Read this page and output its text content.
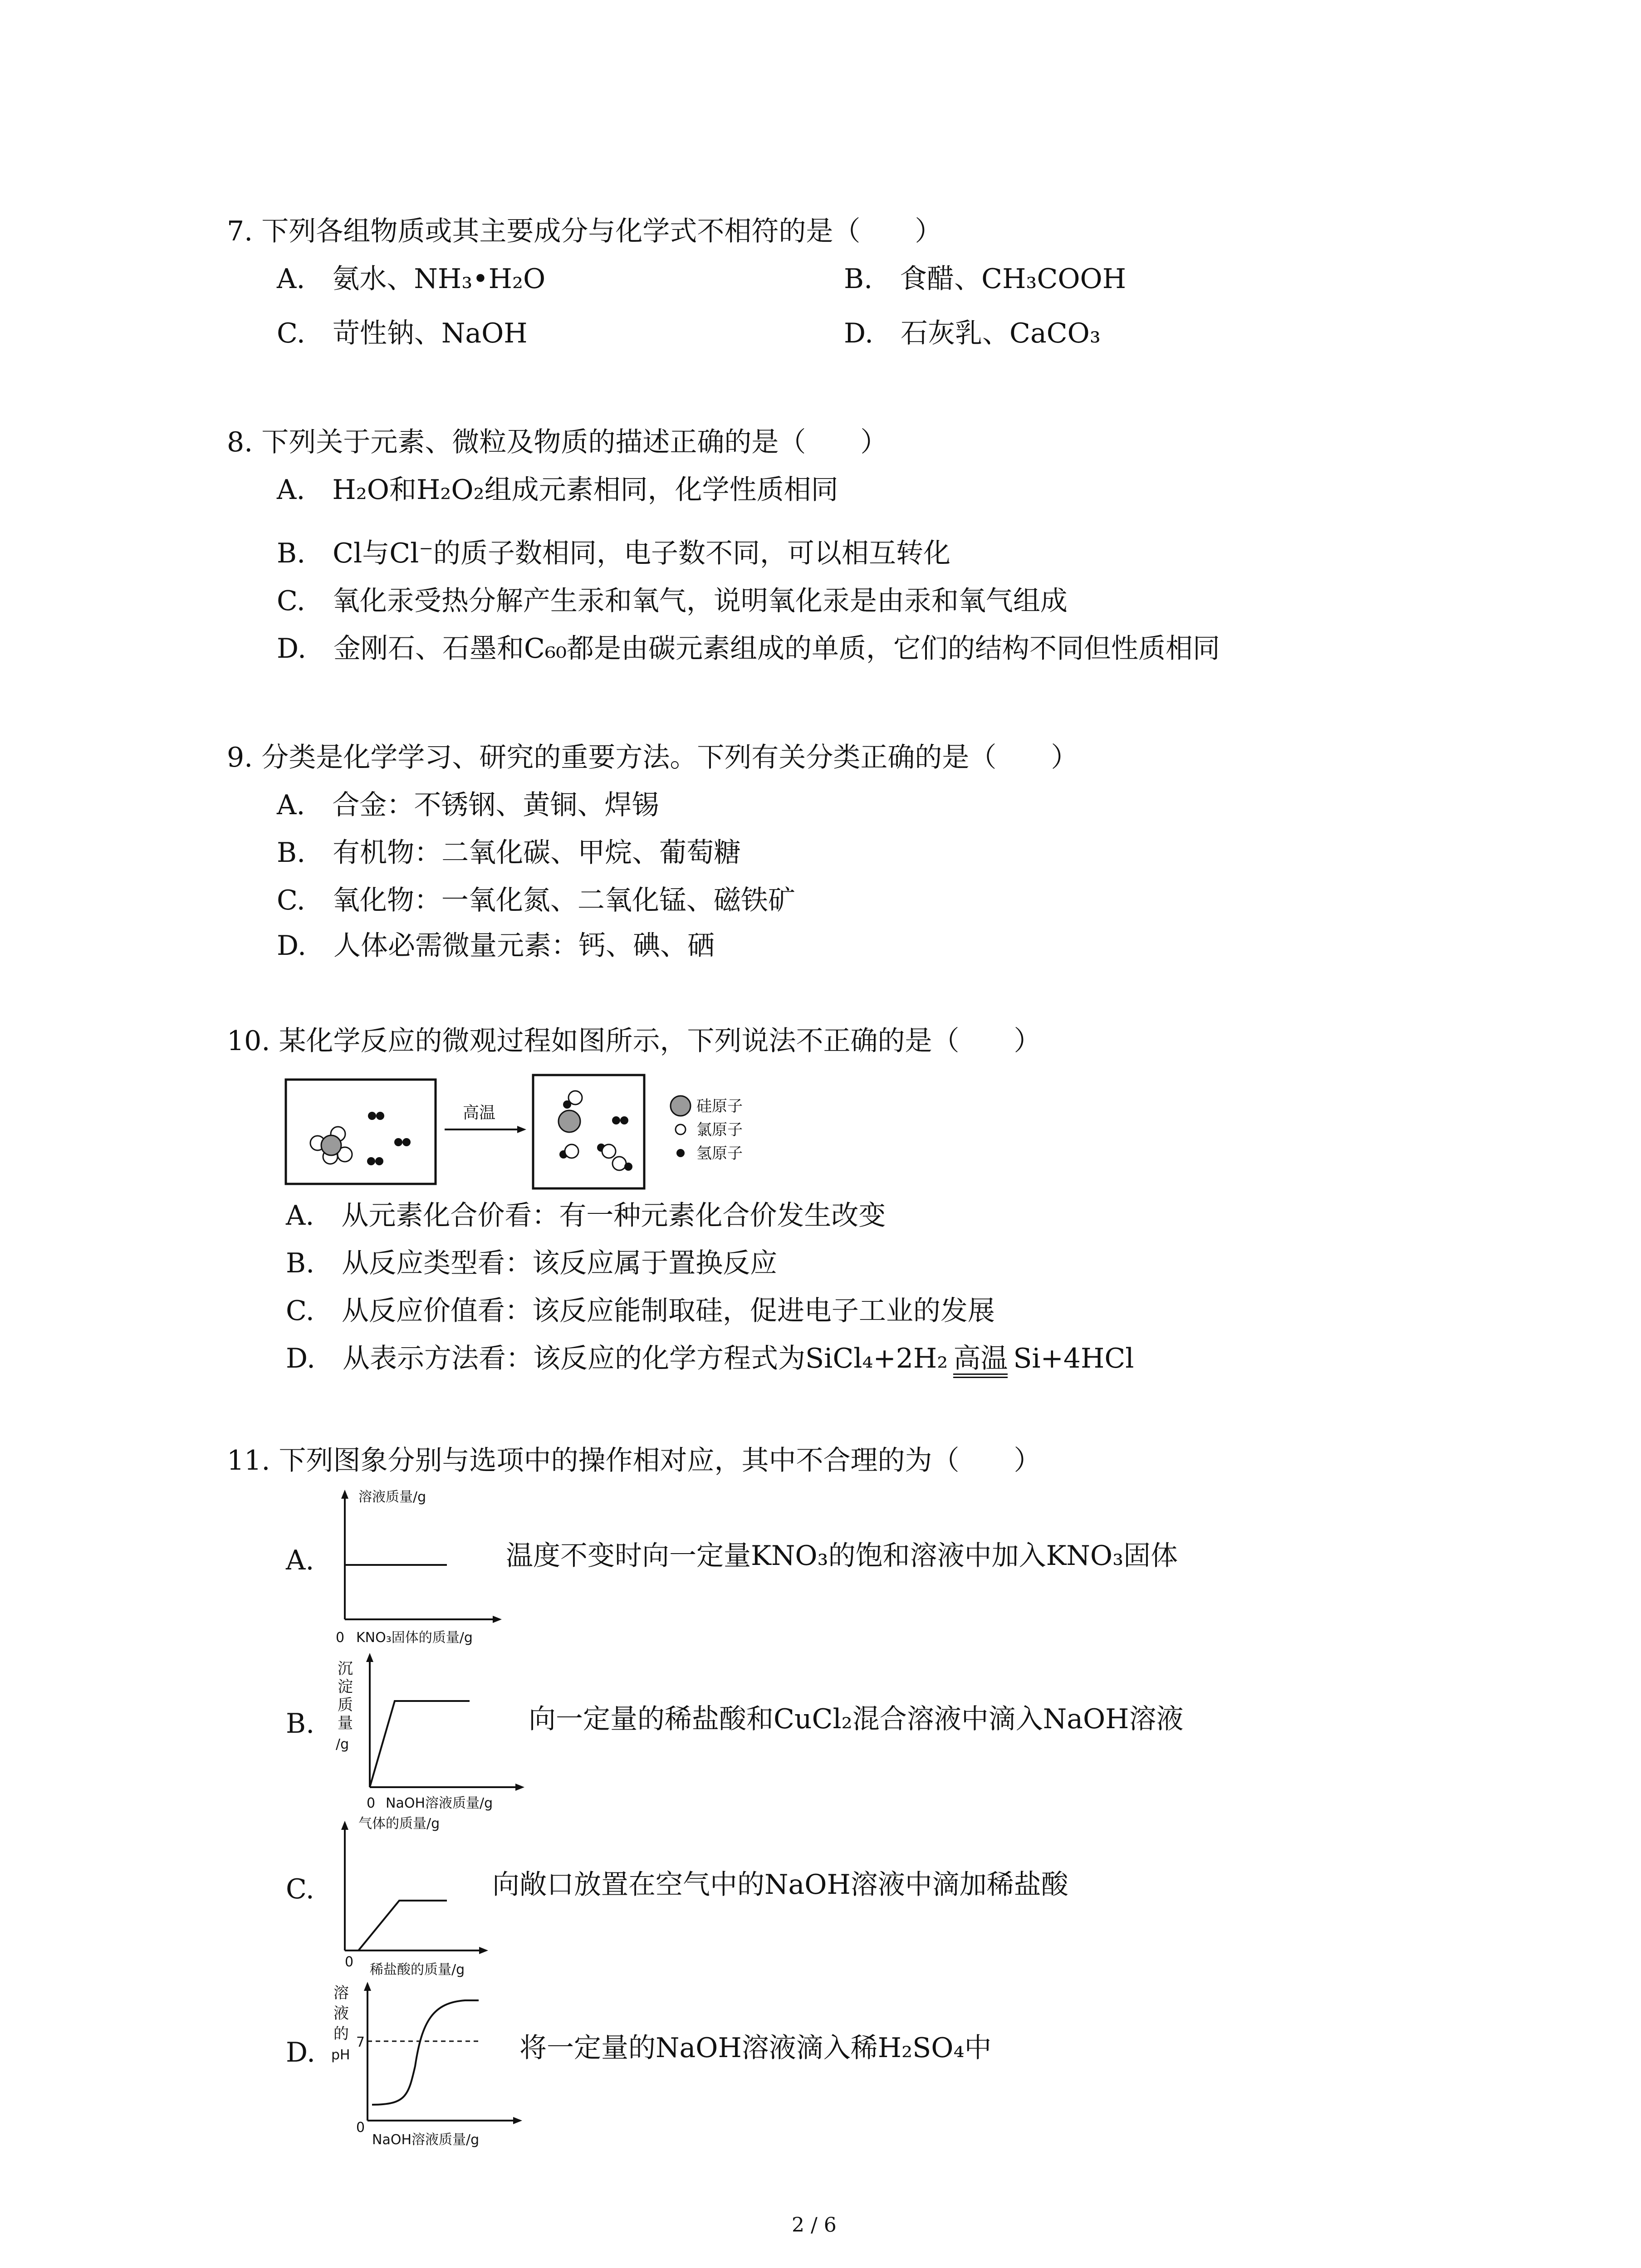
7. 下列各组物质或其主要成分与化学式不相符的是（　　）
A.　氨水、NH₃•H₂O	B.　食醋、CH₃COOH
C.　苛性钠、NaOH	D.　石灰乳、CaCO₃
8. 下列关于元素、微粒及物质的描述正确的是（　　）
A.　H₂O和H₂O₂组成元素相同，化学性质相同
B.　Cl与Cl⁻的质子数相同，电子数不同，可以相互转化
C.　氧化汞受热分解产生汞和氧气，说明氧化汞是由汞和氧气组成
D.　金刚石、石墨和C₆₀都是由碳元素组成的单质，它们的结构不同但性质相同
9. 分类是化学学习、研究的重要方法。下列有关分类正确的是（　　）
A.　合金：不锈钢、黄铜、焊锡
B.　有机物：二氧化碳、甲烷、葡萄糖
C.　氧化物：一氧化氮、二氧化锰、磁铁矿
D.　人体必需微量元素：钙、碘、硒
10. 某化学反应的微观过程如图所示，下列说法不正确的是（　　）
高温	硅原子
氯原子
氢原子
A.　从元素化合价看：有一种元素化合价发生改变
B.　从反应类型看：该反应属于置换反应
C.　从反应价值看：该反应能制取硅，促进电子工业的发展
D.　从表示方法看：该反应的化学方程式为SiCl₄+2H₂ 高温 Si+4HCl
11. 下列图象分别与选项中的操作相对应，其中不合理的为（　　）
A.
溶液质量/g
0 KNO₃固体的质量/g
温度不变时向一定量KNO₃的饱和溶液中加入KNO₃固体
B.
沉
淀
质
量
/g
0 NaOH溶液质量/g
向一定量的稀盐酸和CuCl₂混合溶液中滴入NaOH溶液
C.
气体的质量/g
0 稀盐酸的质量/g
向敞口放置在空气中的NaOH溶液中滴加稀盐酸
D.
溶
液
的
pH
7
0
NaOH溶液质量/g
将一定量的NaOH溶液滴入稀H₂SO₄中
2 / 6
